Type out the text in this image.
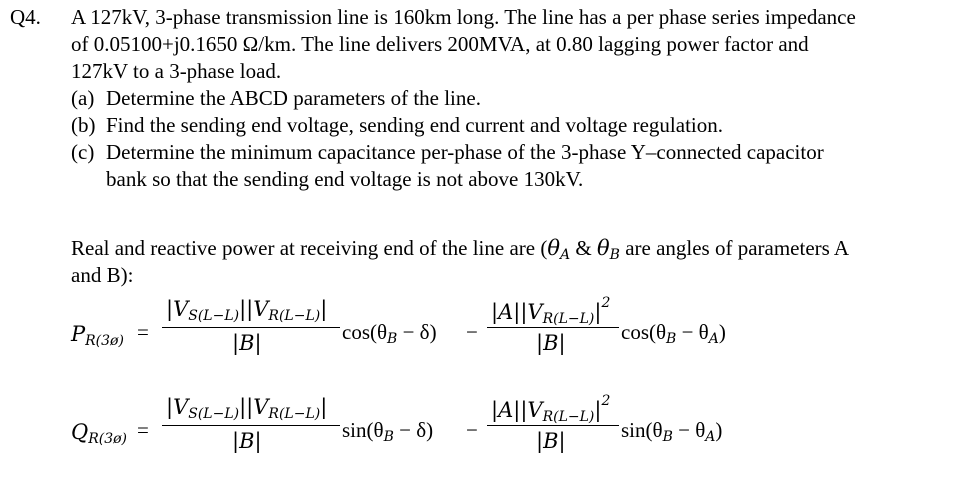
Q4. A 127kV, 3-phase transmission line is 160km long. The line has a per phase series impedance
of 0.05100+j0.1650 Ω/km. The line delivers 200MVA, at 0.80 lagging power factor and
127kV to a 3-phase load.
(a) Determine the ABCD parameters of the line.
(b) Find the sending end voltage, sending end current and voltage regulation.
(c) Determine the minimum capacitance per-phase of the 3-phase Y–connected capacitor
bank so that the sending end voltage is not above 130kV.
Real and reactive power at receiving end of the line are ($\theta_A$ & $\theta_B$ are angles of parameters A
and B):
$P_{R(3ø)}$ =
$|V_{S(L-L)}||V_{R(L-L)}|$
|B|	$\cos(\theta_B - \delta)$ −
$|A||V_{R(L-L)}|^2$
|B|	$\cos(\theta_B - \theta_A)$
$Q_{R(3ø)}$ =
$|V_{S(L-L)}||V_{R(L-L)}|$
|B|	$\sin(\theta_B - \delta)$ −
$|A||V_{R(L-L)}|^2$
|B|	$\sin(\theta_B - \theta_A)$
